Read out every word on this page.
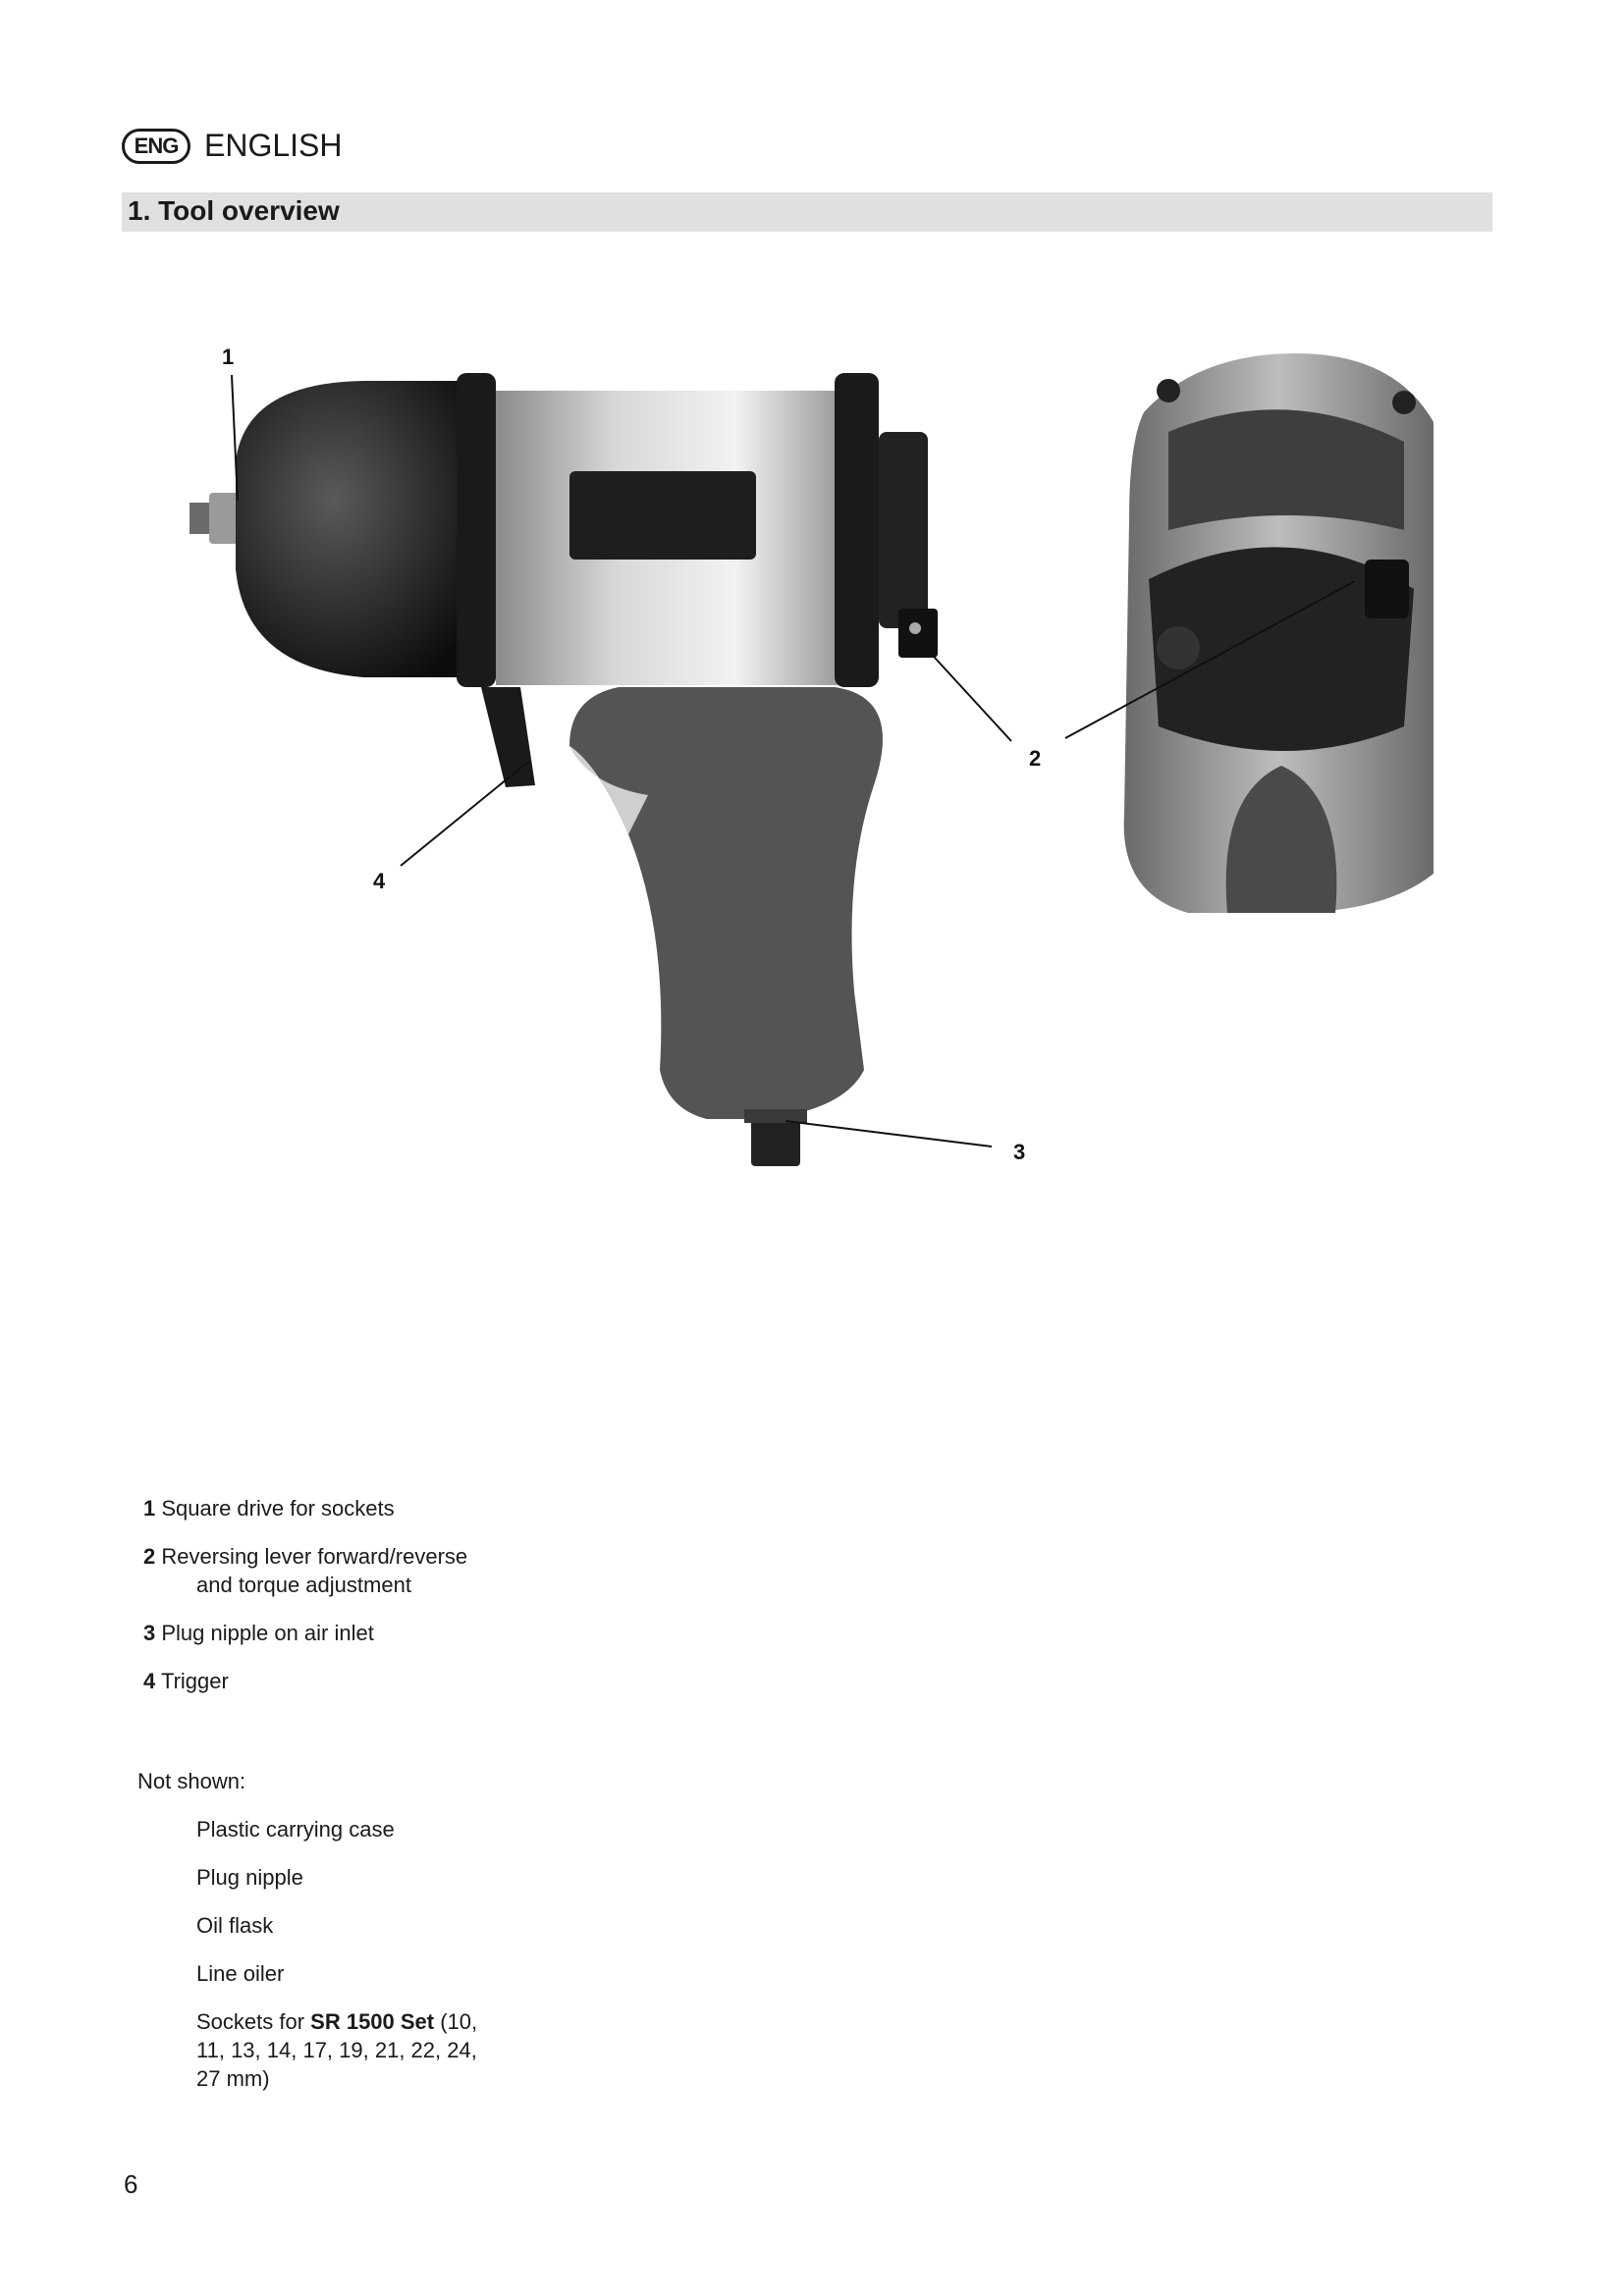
ENG ENGLISH
1. Tool overview
1
2
3
4
1 Square drive for sockets
2 Reversing lever forward/reverse
and torque adjustment
3 Plug nipple on air inlet
4 Trigger
Not shown:
Plastic carrying case
Plug nipple
Oil flask
Line oiler
Sockets for SR 1500 Set (10,
11, 13, 14, 17, 19, 21, 22, 24,
27 mm)
6
